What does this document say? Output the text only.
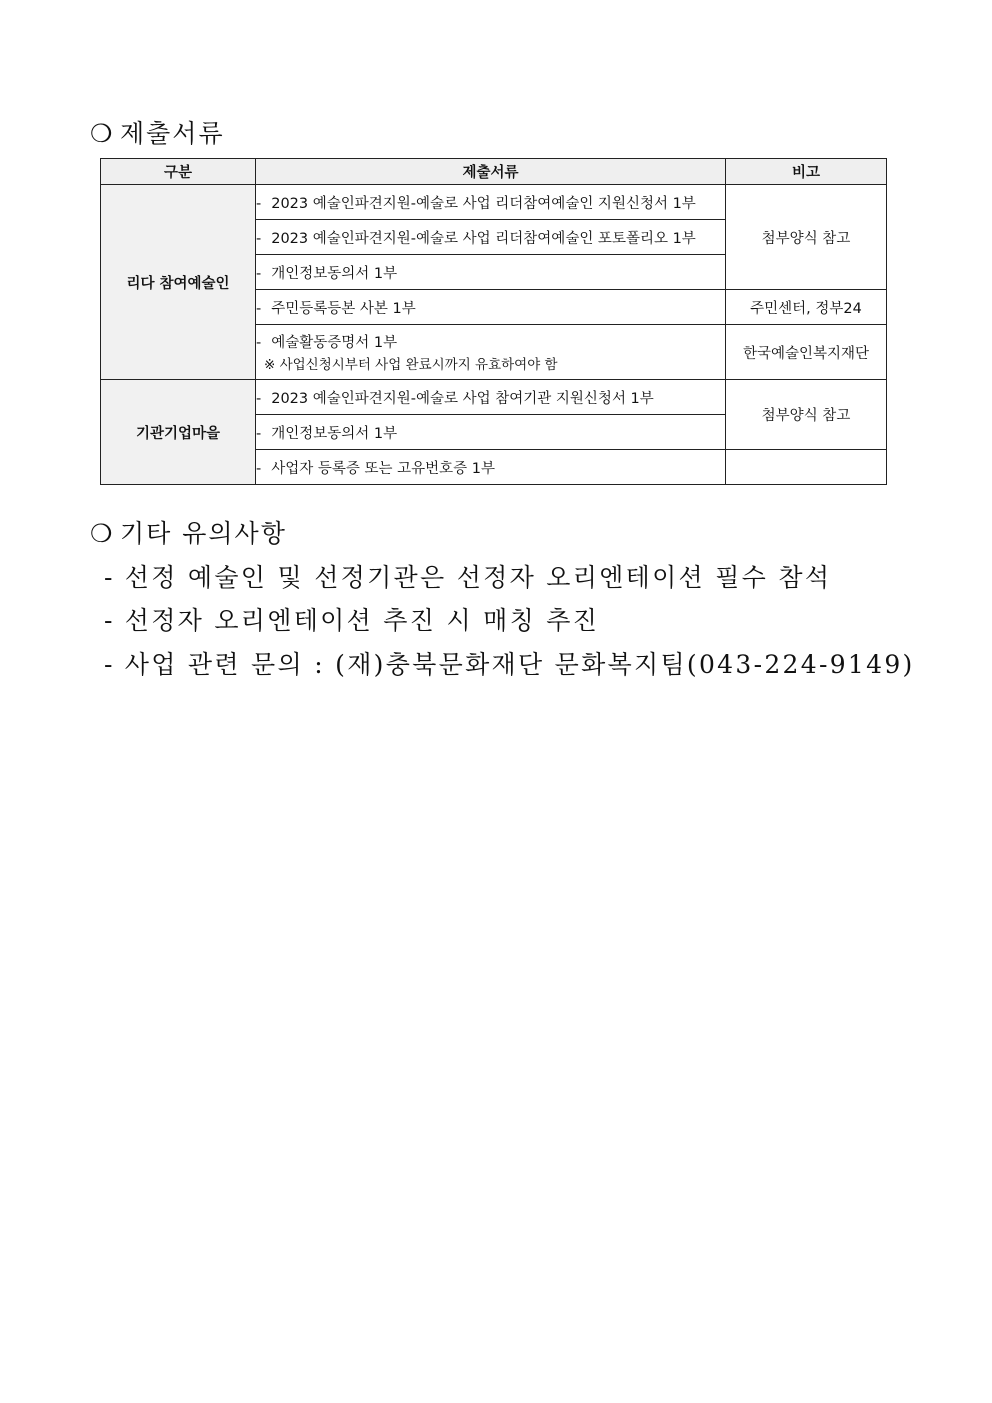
❍ 제출서류
구분	제출서류	비고
리다 참여예술인	- 2023 예술인파견지원-예술로 사업 리더참여예술인 지원신청서 1부	첨부양식 참고
	- 2023 예술인파견지원-예술로 사업 리더참여예술인 포토폴리오 1부	
	- 개인정보동의서 1부	
	- 주민등록등본 사본 1부	주민센터, 정부24
	- 예술활동증명서 1부
※ 사업신청시부터 사업 완료시까지 유효하여야 함	한국예술인복지재단
기관기업마을	- 2023 예술인파견지원-예술로 사업 참여기관 지원신청서 1부	첨부양식 참고
	- 개인정보동의서 1부	
	- 사업자 등록증 또는 고유번호증 1부	
❍ 기타 유의사항
- 선정 예술인 및 선정기관은 선정자 오리엔테이션 필수 참석
- 선정자 오리엔테이션 추진 시 매칭 추진
- 사업 관련 문의 : (재)충북문화재단 문화복지팀(043-224-9149)
